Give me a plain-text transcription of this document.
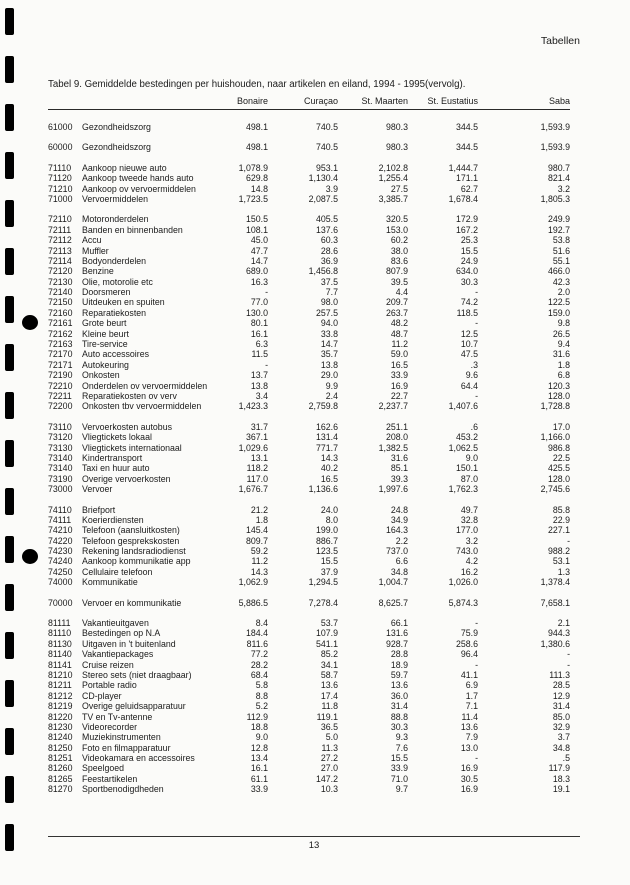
Tabellen
Tabel 9. Gemiddelde bestedingen per huishouden, naar artikelen en eiland, 1994 - 1995(vervolg).
Bonaire	Curaçao	St. Maarten	St. Eustatius	Saba
61000	Gezondheidszorg	498.1	740.5	980.3	344.5	1,593.9
60000	Gezondheidszorg	498.1	740.5	980.3	344.5	1,593.9
71110	Aankoop nieuwe auto	1,078.9	953.1	2,102.8	1,444.7	980.7
71120	Aankoop tweede hands auto	629.8	1,130.4	1,255.4	171.1	821.4
71210	Aankoop ov vervoermiddelen	14.8	3.9	27.5	62.7	3.2
71000	Vervoermiddelen	1,723.5	2,087.5	3,385.7	1,678.4	1,805.3
72110	Motoronderdelen	150.5	405.5	320.5	172.9	249.9
72111	Banden en binnenbanden	108.1	137.6	153.0	167.2	192.7
72112	Accu	45.0	60.3	60.2	25.3	53.8
72113	Muffler	47.7	28.6	38.0	15.5	51.6
72114	Bodyonderdelen	14.7	36.9	83.6	24.9	55.1
72120	Benzine	689.0	1,456.8	807.9	634.0	466.0
72130	Olie, motorolie etc	16.3	37.5	39.5	30.3	42.3
72140	Doorsmeren	-	7.7	4.4	-	2.0
72150	Uitdeuken en spuiten	77.0	98.0	209.7	74.2	122.5
72160	Reparatiekosten	130.0	257.5	263.7	118.5	159.0
72161	Grote beurt	80.1	94.0	48.2	-	9.8
72162	Kleine beurt	16.1	33.8	48.7	12.5	26.5
72163	Tire-service	6.3	14.7	11.2	10.7	9.4
72170	Auto accessoires	11.5	35.7	59.0	47.5	31.6
72171	Autokeuring	-	13.8	16.5	.3	1.8
72190	Onkosten	13.7	29.0	33.9	9.6	6.8
72210	Onderdelen ov vervoermiddelen	13.8	9.9	16.9	64.4	120.3
72211	Reparatiekosten ov verv	3.4	2.4	22.7	-	128.0
72200	Onkosten tbv vervoermiddelen	1,423.3	2,759.8	2,237.7	1,407.6	1,728.8
73110	Vervoerkosten autobus	31.7	162.6	251.1	.6	17.0
73120	Vliegtickets lokaal	367.1	131.4	208.0	453.2	1,166.0
73130	Vliegtickets internationaal	1,029.6	771.7	1,382.5	1,062.5	986.8
73140	Kindertransport	13.1	14.3	31.6	9.0	22.5
73140	Taxi en huur auto	118.2	40.2	85.1	150.1	425.5
73190	Overige vervoerkosten	117.0	16.5	39.3	87.0	128.0
73000	Vervoer	1,676.7	1,136.6	1,997.6	1,762.3	2,745.6
74110	Briefport	21.2	24.0	24.8	49.7	85.8
74111	Koerierdiensten	1.8	8.0	34.9	32.8	22.9
74210	Telefoon (aansluitkosten)	145.4	199.0	164.3	177.0	227.1
74220	Telefoon gesprekskosten	809.7	886.7	2.2	3.2	-
74230	Rekening landsradiodienst	59.2	123.5	737.0	743.0	988.2
74240	Aankoop kommunikatie app	11.2	15.5	6.6	4.2	53.1
74250	Cellulaire telefoon	14.3	37.9	34.8	16.2	1.3
74000	Kommunikatie	1,062.9	1,294.5	1,004.7	1,026.0	1,378.4
70000	Vervoer en kommunikatie	5,886.5	7,278.4	8,625.7	5,874.3	7,658.1
81111	Vakantieuitgaven	8.4	53.7	66.1	-	2.1
81110	Bestedingen op N.A	184.4	107.9	131.6	75.9	944.3
81130	Uitgaven in 't buitenland	811.6	541.1	928.7	258.6	1,380.6
81140	Vakantiepackages	77.2	85.2	28.8	96.4	-
81141	Cruise reizen	28.2	34.1	18.9	-	-
81210	Stereo sets (niet draagbaar)	68.4	58.7	59.7	41.1	111.3
81211	Portable radio	5.8	13.6	13.6	6.9	28.5
81212	CD-player	8.8	17.4	36.0	1.7	12.9
81219	Overige geluidsapparatuur	5.2	11.8	31.4	7.1	31.4
81220	TV en Tv-antenne	112.9	119.1	88.8	11.4	85.0
81230	Videorecorder	18.8	36.5	30.3	13.6	32.9
81240	Muziekinstrumenten	9.0	5.0	9.3	7.9	3.7
81250	Foto en filmapparatuur	12.8	11.3	7.6	13.0	34.8
81251	Videokamara en accessoires	13.4	27.2	15.5	-	.5
81260	Speelgoed	16.1	27.0	33.9	16.9	117.9
81265	Feestartikelen	61.1	147.2	71.0	30.5	18.3
81270	Sportbenodigdheden	33.9	10.3	9.7	16.9	19.1
13
